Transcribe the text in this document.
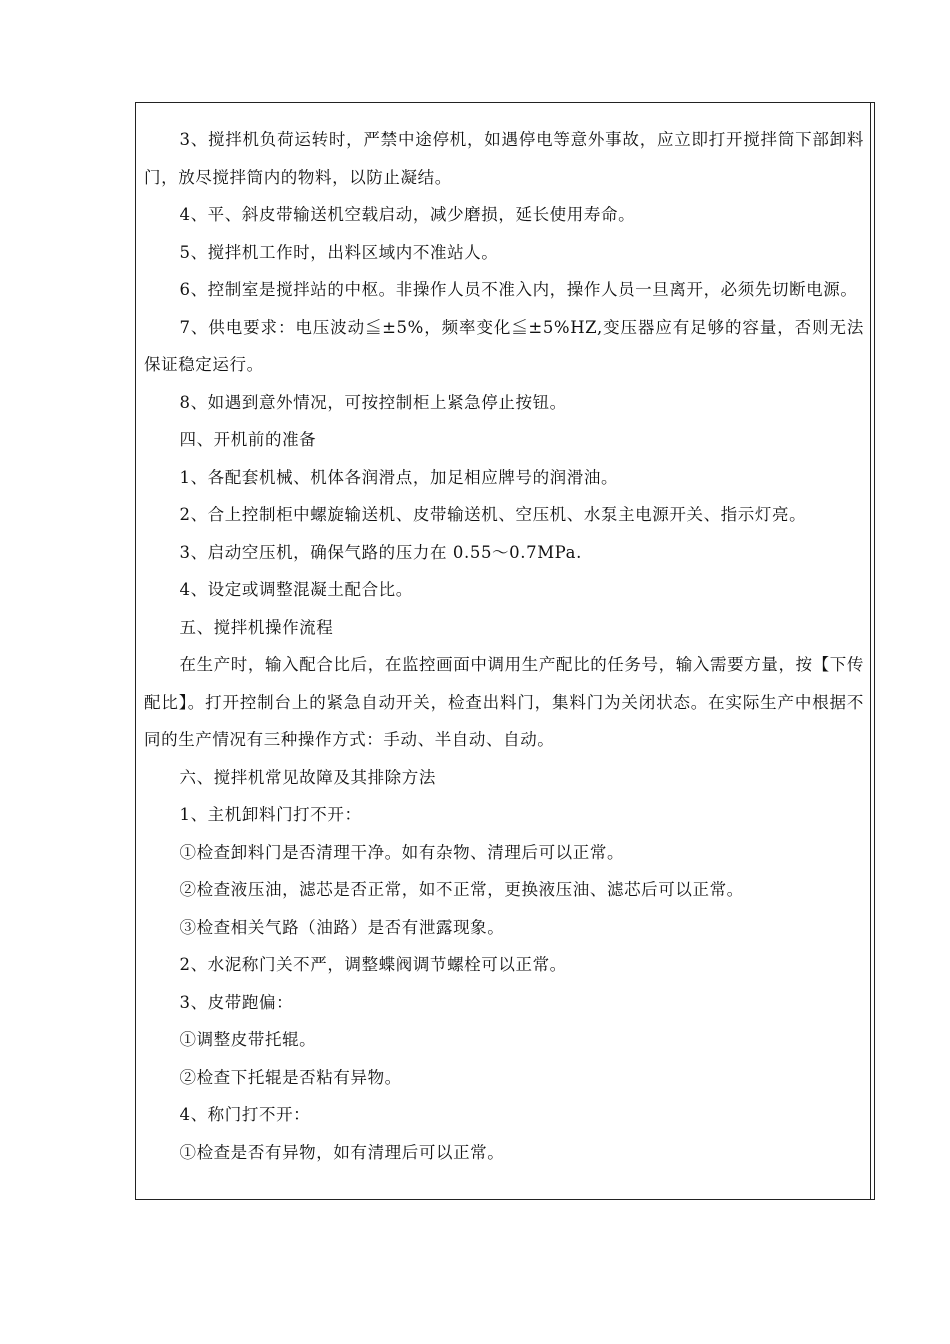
3、搅拌机负荷运转时，严禁中途停机，如遇停电等意外事故，应立即打开搅拌筒下部卸料门，放尽搅拌筒内的物料，以防止凝结。

4、平、斜皮带输送机空载启动，减少磨损，延长使用寿命。

5、搅拌机工作时，出料区域内不准站人。

6、控制室是搅拌站的中枢。非操作人员不准入内，操作人员一旦离开，必须先切断电源。

7、供电要求：电压波动≦±5%，频率变化≦±5%HZ,变压器应有足够的容量，否则无法保证稳定运行。

8、如遇到意外情况，可按控制柜上紧急停止按钮。

四、开机前的准备

1、各配套机械、机体各润滑点，加足相应牌号的润滑油。

2、合上控制柜中螺旋输送机、皮带输送机、空压机、水泵主电源开关、指示灯亮。

3、启动空压机，确保气路的压力在 0.55～0.7MPa.

4、设定或调整混凝土配合比。

五、搅拌机操作流程

在生产时，输入配合比后，在监控画面中调用生产配比的任务号，输入需要方量，按【下传配比】。打开控制台上的紧急自动开关，检查出料门，集料门为关闭状态。在实际生产中根据不同的生产情况有三种操作方式：手动、半自动、自动。

六、搅拌机常见故障及其排除方法

1、主机卸料门打不开：

①检查卸料门是否清理干净。如有杂物、清理后可以正常。

②检查液压油，滤芯是否正常，如不正常，更换液压油、滤芯后可以正常。

③检查相关气路（油路）是否有泄露现象。

2、水泥称门关不严，调整蝶阀调节螺栓可以正常。

3、皮带跑偏：

①调整皮带托辊。

②检查下托辊是否粘有异物。

4、称门打不开：

①检查是否有异物，如有清理后可以正常。
